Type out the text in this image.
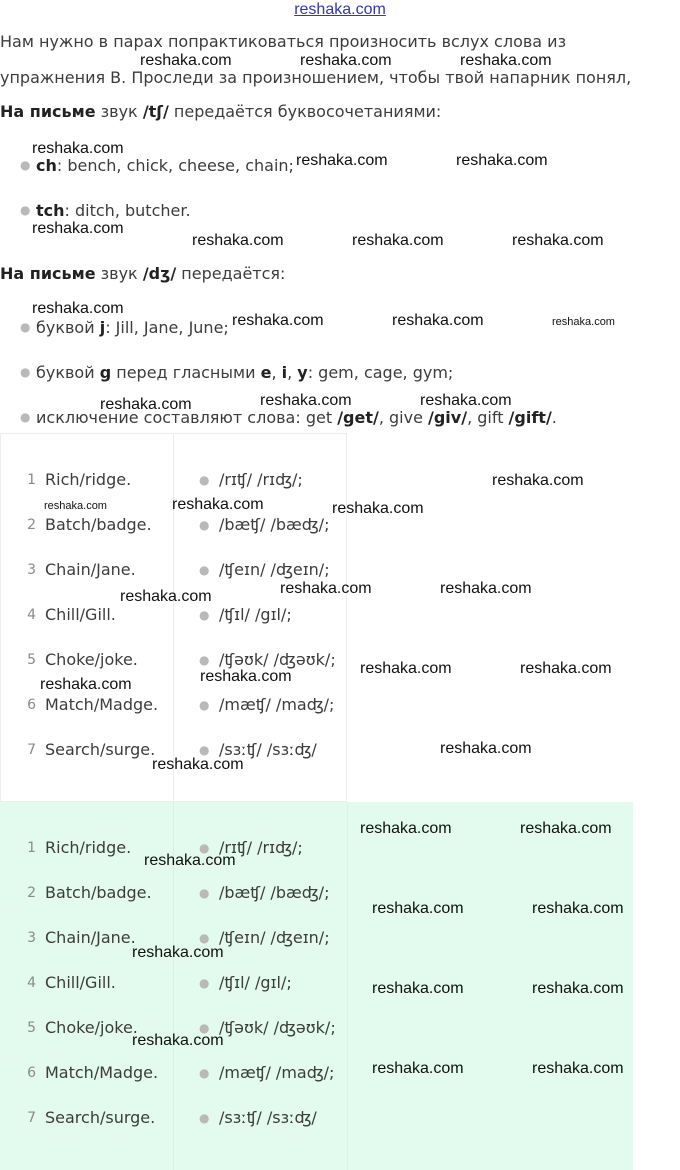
reshaka.com
Нам нужно в парах попрактиковаться произносить вслух слова из
упражнения B. Проследи за произношением, чтобы твой напарник понял,
На письме звук /tʃ/ передаётся буквосочетаниями:
● ch: bench, chick, cheese, chain;
● tch: ditch, butcher.
На письме звук /dʒ/ передаётся:
● буквой j: Jill, Jane, June;
● буквой g перед гласными e, i, y: gem, cage, gym;
● исключение составляют слова: get /get/, give /giv/, gift /gift/.
1 Rich/ridge.	● /rɪʧ/ /rɪʤ/;
2 Batch/badge.	● /bæʧ/ /bæʤ/;
3 Chain/Jane.	● /ʧeɪn/ /ʤeɪn/;
4 Chill/Gill.	● /ʧɪl/ /gɪl/;
5 Choke/joke.	● /ʧəʊk/ /ʤəʊk/;
6 Match/Madge.	● /mæʧ/ /maʤ/;
7 Search/surge.	● /sɜːʧ/ /sɜːʤ/
1 Rich/ridge.	● /rɪʧ/ /rɪʤ/;
2 Batch/badge.	● /bæʧ/ /bæʤ/;
3 Chain/Jane.	● /ʧeɪn/ /ʤeɪn/;
4 Chill/Gill.	● /ʧɪl/ /gɪl/;
5 Choke/joke.	● /ʧəʊk/ /ʤəʊk/;
6 Match/Madge.	● /mæʧ/ /maʤ/;
7 Search/surge.	● /sɜːʧ/ /sɜːʤ/
reshaka.com	reshaka.com	reshaka.com
reshaka.com
reshaka.com	reshaka.com
reshaka.com
reshaka.com	reshaka.com	reshaka.com
reshaka.com
reshaka.com	reshaka.com	reshaka.com
reshaka.com	reshaka.com	reshaka.com
reshaka.com
reshaka.com	reshaka.com	reshaka.com
reshaka.com	reshaka.com
reshaka.com
reshaka.com	reshaka.com
reshaka.com
reshaka.com
reshaka.com
reshaka.com
reshaka.com	reshaka.com
reshaka.com
reshaka.com	reshaka.com
reshaka.com
reshaka.com	reshaka.com
reshaka.com
reshaka.com	reshaka.com
